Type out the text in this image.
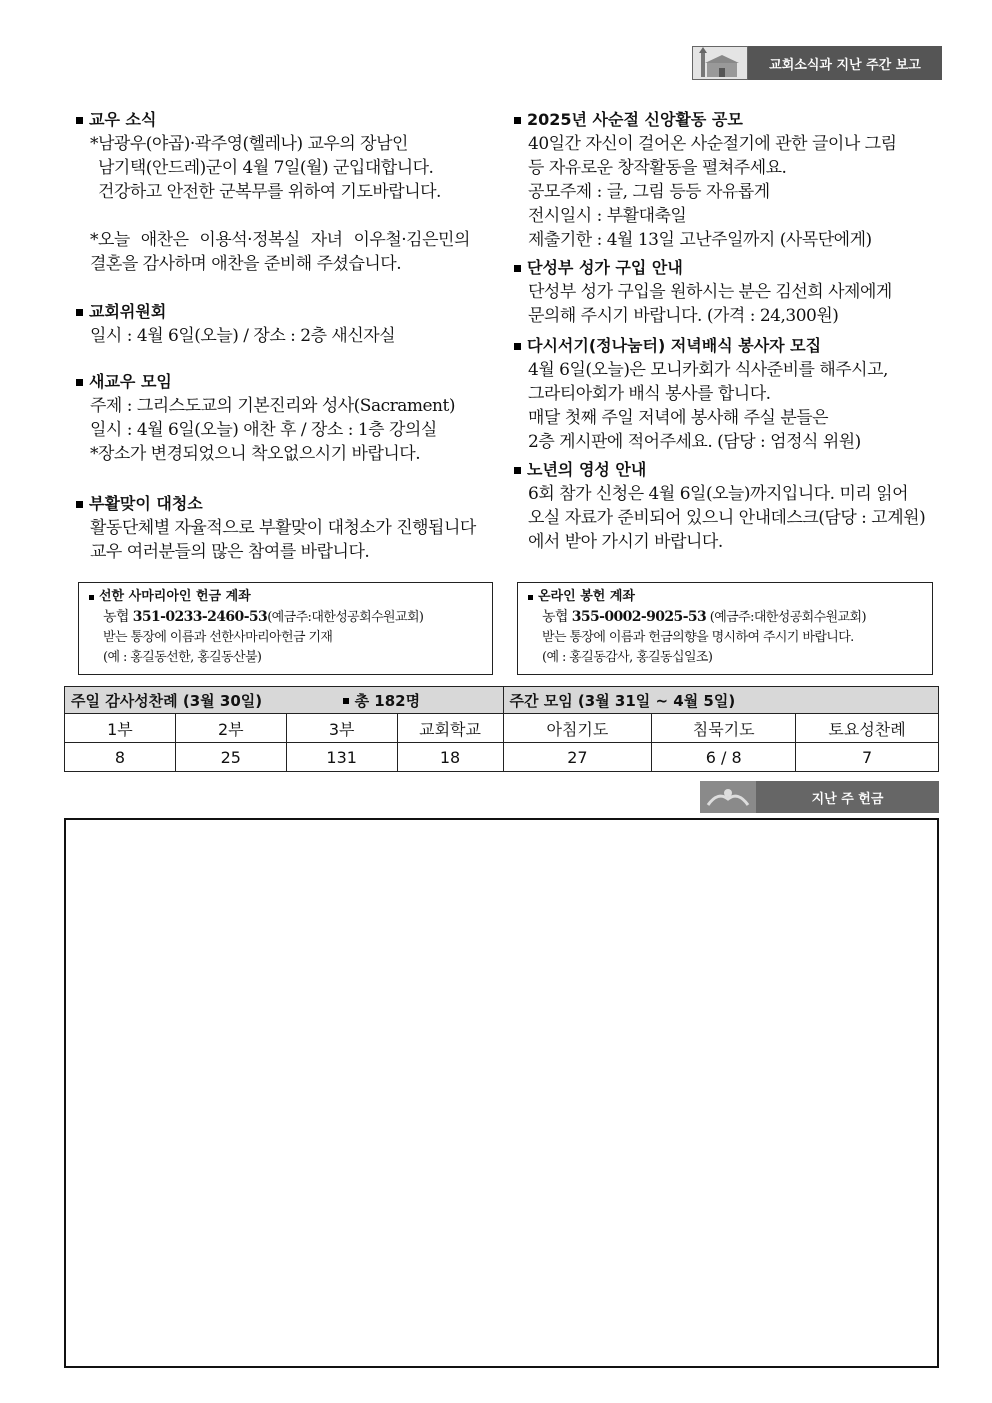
교회소식과 지난 주간 보고
교우 소식
*남광우(야곱)·곽주영(헬레나) 교우의 장남인
남기택(안드레)군이 4월 7일(월) 군입대합니다.
건강하고 안전한 군복무를 위하여 기도바랍니다.
*오늘 애찬은 이용석·정복실 자녀 이우철·김은민의
결혼을 감사하며 애찬을 준비해 주셨습니다.
교회위원회
일시 : 4월 6일(오늘) / 장소 : 2층 새신자실
새교우 모임
주제 : 그리스도교의 기본진리와 성사(Sacrament)
일시 : 4월 6일(오늘) 애찬 후 / 장소 : 1층 강의실
*장소가 변경되었으니 착오없으시기 바랍니다.
부활맞이 대청소
활동단체별 자율적으로 부활맞이 대청소가 진행됩니다
교우 여러분들의 많은 참여를 바랍니다.
2025년 사순절 신앙활동 공모
40일간 자신이 걸어온 사순절기에 관한 글이나 그림
등 자유로운 창작활동을 펼쳐주세요.
공모주제 : 글, 그림 등등 자유롭게
전시일시 : 부활대축일
제출기한 : 4월 13일 고난주일까지 (사목단에게)
단성부 성가 구입 안내
단성부 성가 구입을 원하시는 분은 김선희 사제에게
문의해 주시기 바랍니다. (가격 : 24,300원)
다시서기(정나눔터) 저녁배식 봉사자 모집
4월 6일(오늘)은 모니카회가 식사준비를 해주시고,
그라티아회가 배식 봉사를 합니다.
매달 첫째 주일 저녁에 봉사해 주실 분들은
2층 게시판에 적어주세요. (담당 : 엄정식 위원)
노년의 영성 안내
6회 참가 신청은 4월 6일(오늘)까지입니다. 미리 읽어
오실 자료가 준비되어 있으니 안내데스크(담당 : 고계원)
에서 받아 가시기 바랍니다.
선한 사마리아인 헌금 계좌
농협 351-0233-2460-53(예금주:대한성공회수원교회)
받는 통장에 이름과 선한사마리아헌금 기재
(예 : 홍길동선한, 홍길동산불)
온라인 봉헌 계좌
농협 355-0002-9025-53 (예금주:대한성공회수원교회)
받는 통장에 이름과 헌금의향을 명시하여 주시기 바랍니다.
(예 : 홍길동감사, 홍길동십일조)
주일 감사성찬례 (3월 30일) 총 182명				주간 모임 (3월 31일 ~ 4월 5일)		
1부	2부	3부	교회학교	아침기도	침묵기도	토요성찬례
8	25	131	18	27	6 / 8	7
지난 주 헌금
